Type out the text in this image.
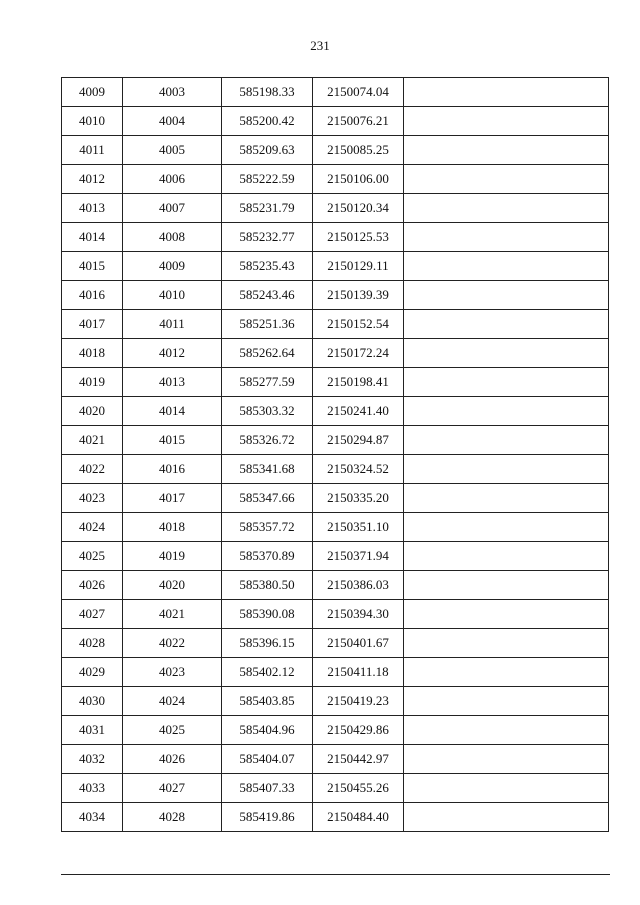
231
4009	4003	585198.33	2150074.04	
4010	4004	585200.42	2150076.21	
4011	4005	585209.63	2150085.25	
4012	4006	585222.59	2150106.00	
4013	4007	585231.79	2150120.34	
4014	4008	585232.77	2150125.53	
4015	4009	585235.43	2150129.11	
4016	4010	585243.46	2150139.39	
4017	4011	585251.36	2150152.54	
4018	4012	585262.64	2150172.24	
4019	4013	585277.59	2150198.41	
4020	4014	585303.32	2150241.40	
4021	4015	585326.72	2150294.87	
4022	4016	585341.68	2150324.52	
4023	4017	585347.66	2150335.20	
4024	4018	585357.72	2150351.10	
4025	4019	585370.89	2150371.94	
4026	4020	585380.50	2150386.03	
4027	4021	585390.08	2150394.30	
4028	4022	585396.15	2150401.67	
4029	4023	585402.12	2150411.18	
4030	4024	585403.85	2150419.23	
4031	4025	585404.96	2150429.86	
4032	4026	585404.07	2150442.97	
4033	4027	585407.33	2150455.26	
4034	4028	585419.86	2150484.40	
